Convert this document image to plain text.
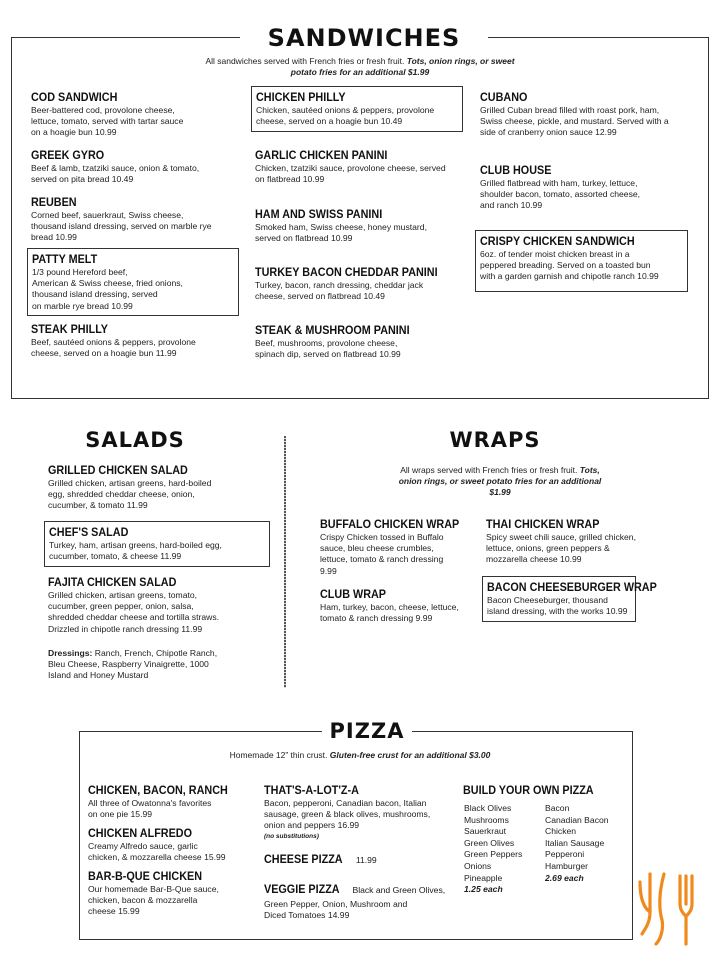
SANDWICHES
All sandwiches served with French fries or fresh fruit. Tots, onion rings, or sweet potato fries for an additional $1.99
COD SANDWICH
Beer-battered cod, provolone cheese,
lettuce, tomato, served with tartar sauce
on a hoagie bun 10.99
GREEK GYRO
Beef & lamb, tzatziki sauce, onion & tomato,
served on pita bread 10.49
REUBEN
Corned beef, sauerkraut, Swiss cheese,
thousand island dressing, served on marble rye
bread 10.99
PATTY MELT
1/3 pound Hereford beef,
American & Swiss cheese, fried onions,
thousand island dressing, served
on marble rye bread 10.99
STEAK PHILLY
Beef, sautéed onions & peppers, provolone
cheese, served on a hoagie bun 11.99
CHICKEN PHILLY
Chicken, sautéed onions & peppers, provolone
cheese, served on a hoagie bun 10.49
GARLIC CHICKEN PANINI
Chicken, tzatziki sauce, provolone cheese, served
on flatbread 10.99
HAM AND SWISS PANINI
Smoked ham, Swiss cheese, honey mustard,
served on flatbread 10.99
TURKEY BACON CHEDDAR PANINI
Turkey, bacon, ranch dressing, cheddar jack
cheese, served on flatbread 10.49
STEAK & MUSHROOM PANINI
Beef, mushrooms, provolone cheese,
spinach dip, served on flatbread 10.99
CUBANO
Grilled Cuban bread filled with roast pork, ham,
Swiss cheese, pickle, and mustard. Served with a
side of cranberry onion sauce 12.99
CLUB HOUSE
Grilled flatbread with ham, turkey, lettuce,
shoulder bacon, tomato, assorted cheese,
and ranch 10.99
CRISPY CHICKEN SANDWICH
6oz. of tender moist chicken breast in a
peppered breading. Served on a toasted bun
with a garden garnish and chipotle ranch 10.99
SALADS
GRILLED CHICKEN SALAD
Grilled chicken, artisan greens, hard-boiled
egg, shredded cheddar cheese, onion,
cucumber, & tomato 11.99
CHEF'S SALAD
Turkey, ham, artisan greens, hard-boiled egg,
cucumber, tomato, & cheese 11.99
FAJITA CHICKEN SALAD
Grilled chicken, artisan greens, tomato,
cucumber, green pepper, onion, salsa,
shredded cheddar cheese and tortilla straws.
Drizzled in chipotle ranch dressing 11.99
Dressings: Ranch, French, Chipotle Ranch,
Bleu Cheese, Raspberry Vinaigrette, 1000
Island and Honey Mustard
WRAPS
All wraps served with French fries or fresh fruit. Tots, onion rings, or sweet potato fries for an additional $1.99
BUFFALO CHICKEN WRAP
Crispy Chicken tossed in Buffalo
sauce, bleu cheese crumbles,
lettuce, tomato & ranch dressing
9.99
CLUB WRAP
Ham, turkey, bacon, cheese, lettuce,
tomato & ranch dressing 9.99
THAI CHICKEN WRAP
Spicy sweet chili sauce, grilled chicken,
lettuce, onions, green peppers &
mozzarella cheese 10.99
BACON CHEESEBURGER WRAP
Bacon Cheeseburger, thousand
island dressing, with the works 10.99
PIZZA
Homemade 12” thin crust. Gluten-free crust for an additional $3.00
CHICKEN, BACON, RANCH
All three of Owatonna's favorites
on one pie 15.99
CHICKEN ALFREDO
Creamy Alfredo sauce, garlic
chicken, & mozzarella cheese 15.99
BAR-B-QUE CHICKEN
Our homemade Bar-B-Que sauce,
chicken, bacon & mozzarella
cheese 15.99
THAT'S-A-LOT'Z-A
Bacon, pepperoni, Canadian bacon, Italian
sausage, green & black olives, mushrooms,
onion and peppers 16.99
(no substitutions)
CHEESE PIZZA 11.99
VEGGIE PIZZA Black and Green Olives,
Green Pepper, Onion, Mushroom and
Diced Tomatoes 14.99
BUILD YOUR OWN PIZZA
Black Olives
Mushrooms
Sauerkraut
Green Olives
Green Peppers
Onions
Pineapple
1.25 each
Bacon
Canadian Bacon
Chicken
Italian Sausage
Pepperoni
Hamburger
2.69 each
